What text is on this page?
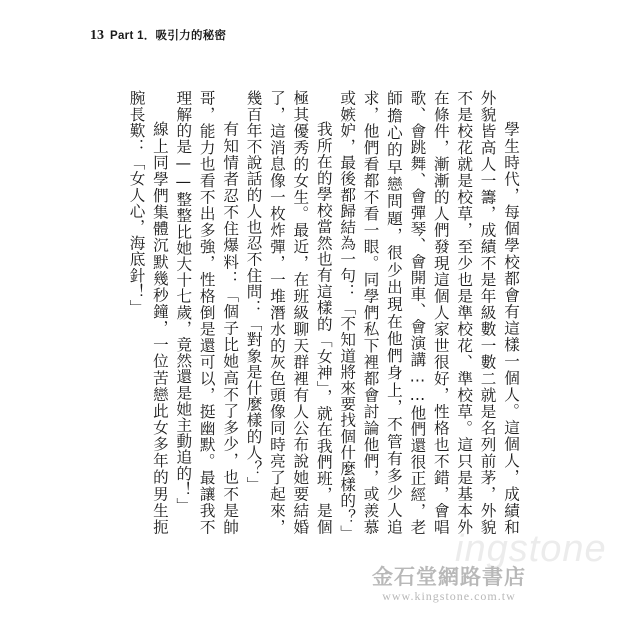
13 Part 1．吸引力的秘密
ingstone

學生時代，每個學校都會有這樣一個人。這個人，成績和外貌皆高人一籌，成績不是年級數一數二就是名列前茅，外貌不是校花就是校草，至少也是準校花、準校草。這只是基本外在條件，漸漸的人們發現這個人家世很好，性格也不錯，會唱歌、會跳舞、會彈琴、會開車、會演講……他們還很正經，老師擔心的早戀問題，很少出現在他們身上，不管有多少人追求，他們看都不看一眼。同學們私下裡都會討論他們，或羨慕或嫉妒，最後都歸結為一句：「不知道將來要找個什麼樣的？」

我所在的學校當然也有這樣的「女神」，就在我們班，是個極其優秀的女生。最近，在班級聊天群裡有人公布說她要結婚了，這消息像一枚炸彈，一堆潛水的灰色頭像同時亮了起來，幾百年不說話的人也忍不住問：「對象是什麼樣的人？」

有知情者忍不住爆料：「個子比她高不了多少，也不是帥哥，能力也看不出多強，性格倒是還可以，挺幽默。最讓我不理解的是——整整比她大十七歲，竟然還是她主動追的！」

線上同學們集體沉默幾秒鐘，一位苦戀此女多年的男生扼腕長歎：「女人心，海底針！」

金石堂網路書店
www.kingstone.com.tw
